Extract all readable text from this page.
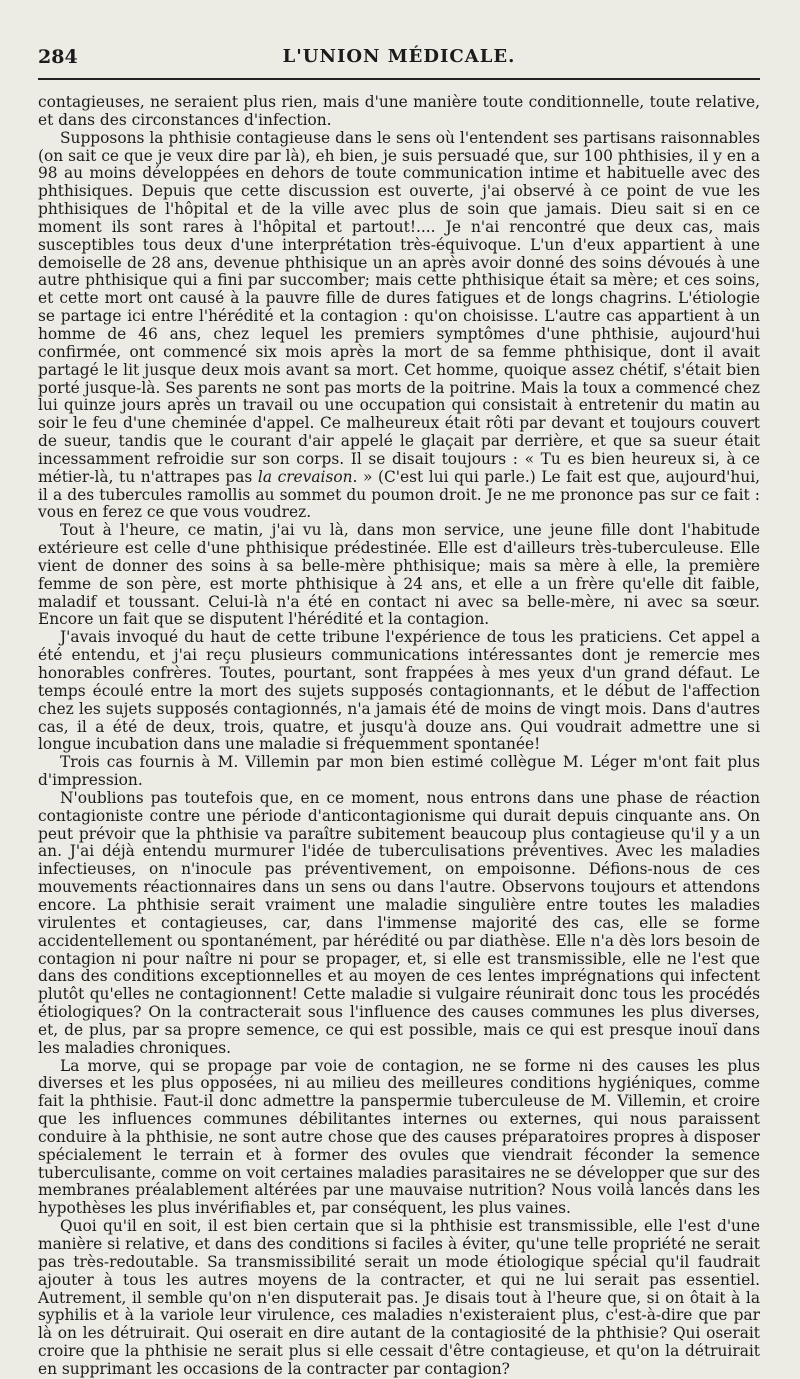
284	L'UNION MÉDICALE.

contagieuses, ne seraient plus rien, mais d'une manière toute conditionnelle, toute relative, et dans des circonstances d'infection.

Supposons la phthisie contagieuse dans le sens où l'entendent ses partisans raisonnables (on sait ce que je veux dire par là), eh bien, je suis persuadé que, sur 100 phthisies, il y en a 98 au moins développées en dehors de toute communication intime et habituelle avec des phthisiques. Depuis que cette discussion est ouverte, j'ai observé à ce point de vue les phthisiques de l'hôpital et de la ville avec plus de soin que jamais. Dieu sait si en ce moment ils sont rares à l'hôpital et partout!.... Je n'ai rencontré que deux cas, mais susceptibles tous deux d'une interprétation très-équivoque. L'un d'eux appartient à une demoiselle de 28 ans, devenue phthisique un an après avoir donné des soins dévoués à une autre phthisique qui a fini par succomber; mais cette phthisique était sa mère; et ces soins, et cette mort ont causé à la pauvre fille de dures fatigues et de longs chagrins. L'étiologie se partage ici entre l'hérédité et la contagion : qu'on choisisse. L'autre cas appartient à un homme de 46 ans, chez lequel les premiers symptômes d'une phthisie, aujourd'hui confirmée, ont commencé six mois après la mort de sa femme phthisique, dont il avait partagé le lit jusque deux mois avant sa mort. Cet homme, quoique assez chétif, s'était bien porté jusque-là. Ses parents ne sont pas morts de la poitrine. Mais la toux a commencé chez lui quinze jours après un travail ou une occupation qui consistait à entretenir du matin au soir le feu d'une cheminée d'appel. Ce malheureux était rôti par devant et toujours couvert de sueur, tandis que le courant d'air appelé le glaçait par derrière, et que sa sueur était incessamment refroidie sur son corps. Il se disait toujours : « Tu es bien heureux si, à ce métier-là, tu n'attrapes pas la crevaison. » (C'est lui qui parle.) Le fait est que, aujourd'hui, il a des tubercules ramollis au sommet du poumon droit. Je ne me prononce pas sur ce fait : vous en ferez ce que vous voudrez.

Tout à l'heure, ce matin, j'ai vu là, dans mon service, une jeune fille dont l'habitude extérieure est celle d'une phthisique prédestinée. Elle est d'ailleurs très-tuberculeuse. Elle vient de donner des soins à sa belle-mère phthisique; mais sa mère à elle, la première femme de son père, est morte phthisique à 24 ans, et elle a un frère qu'elle dit faible, maladif et toussant. Celui-là n'a été en contact ni avec sa belle-mère, ni avec sa sœur. Encore un fait que se disputent l'hérédité et la contagion.

J'avais invoqué du haut de cette tribune l'expérience de tous les praticiens. Cet appel a été entendu, et j'ai reçu plusieurs communications intéressantes dont je remercie mes honorables confrères. Toutes, pourtant, sont frappées à mes yeux d'un grand défaut. Le temps écoulé entre la mort des sujets supposés contagionnants, et le début de l'affection chez les sujets supposés contagionnés, n'a jamais été de moins de vingt mois. Dans d'autres cas, il a été de deux, trois, quatre, et jusqu'à douze ans. Qui voudrait admettre une si longue incubation dans une maladie si fréquemment spontanée!

Trois cas fournis à M. Villemin par mon bien estimé collègue M. Léger m'ont fait plus d'impression.

N'oublions pas toutefois que, en ce moment, nous entrons dans une phase de réaction contagioniste contre une période d'anticontagionisme qui durait depuis cinquante ans. On peut prévoir que la phthisie va paraître subitement beaucoup plus contagieuse qu'il y a un an. J'ai déjà entendu murmurer l'idée de tuberculisations préventives. Avec les maladies infectieuses, on n'inocule pas préventivement, on empoisonne. Défions-nous de ces mouvements réactionnaires dans un sens ou dans l'autre. Observons toujours et attendons encore. La phthisie serait vraiment une maladie singulière entre toutes les maladies virulentes et contagieuses, car, dans l'immense majorité des cas, elle se forme accidentellement ou spontanément, par hérédité ou par diathèse. Elle n'a dès lors besoin de contagion ni pour naître ni pour se propager, et, si elle est transmissible, elle ne l'est que dans des conditions exceptionnelles et au moyen de ces lentes imprégnations qui infectent plutôt qu'elles ne contagionnent! Cette maladie si vulgaire réunirait donc tous les procédés étiologiques? On la contracterait sous l'influence des causes communes les plus diverses, et, de plus, par sa propre semence, ce qui est possible, mais ce qui est presque inouï dans les maladies chroniques.

La morve, qui se propage par voie de contagion, ne se forme ni des causes les plus diverses et les plus opposées, ni au milieu des meilleures conditions hygiéniques, comme fait la phthisie. Faut-il donc admettre la panspermie tuberculeuse de M. Villemin, et croire que les influences communes débilitantes internes ou externes, qui nous paraissent conduire à la phthisie, ne sont autre chose que des causes préparatoires propres à disposer spécialement le terrain et à former des ovules que viendrait féconder la semence tuberculisante, comme on voit certaines maladies parasitaires ne se développer que sur des membranes préalablement altérées par une mauvaise nutrition? Nous voilà lancés dans les hypothèses les plus invérifiables et, par conséquent, les plus vaines.

Quoi qu'il en soit, il est bien certain que si la phthisie est transmissible, elle l'est d'une manière si relative, et dans des conditions si faciles à éviter, qu'une telle propriété ne serait pas très-redoutable. Sa transmissibilité serait un mode étiologique spécial qu'il faudrait ajouter à tous les autres moyens de la contracter, et qui ne lui serait pas essentiel. Autrement, il semble qu'on n'en disputerait pas. Je disais tout à l'heure que, si on ôtait à la syphilis et à la variole leur virulence, ces maladies n'existeraient plus, c'est-à-dire que par là on les détruirait. Qui oserait en dire autant de la contagiosité de la phthisie? Qui oserait croire que la phthisie ne serait plus si elle cessait d'être contagieuse, et qu'on la détruirait en supprimant les occasions de la contracter par contagion?
